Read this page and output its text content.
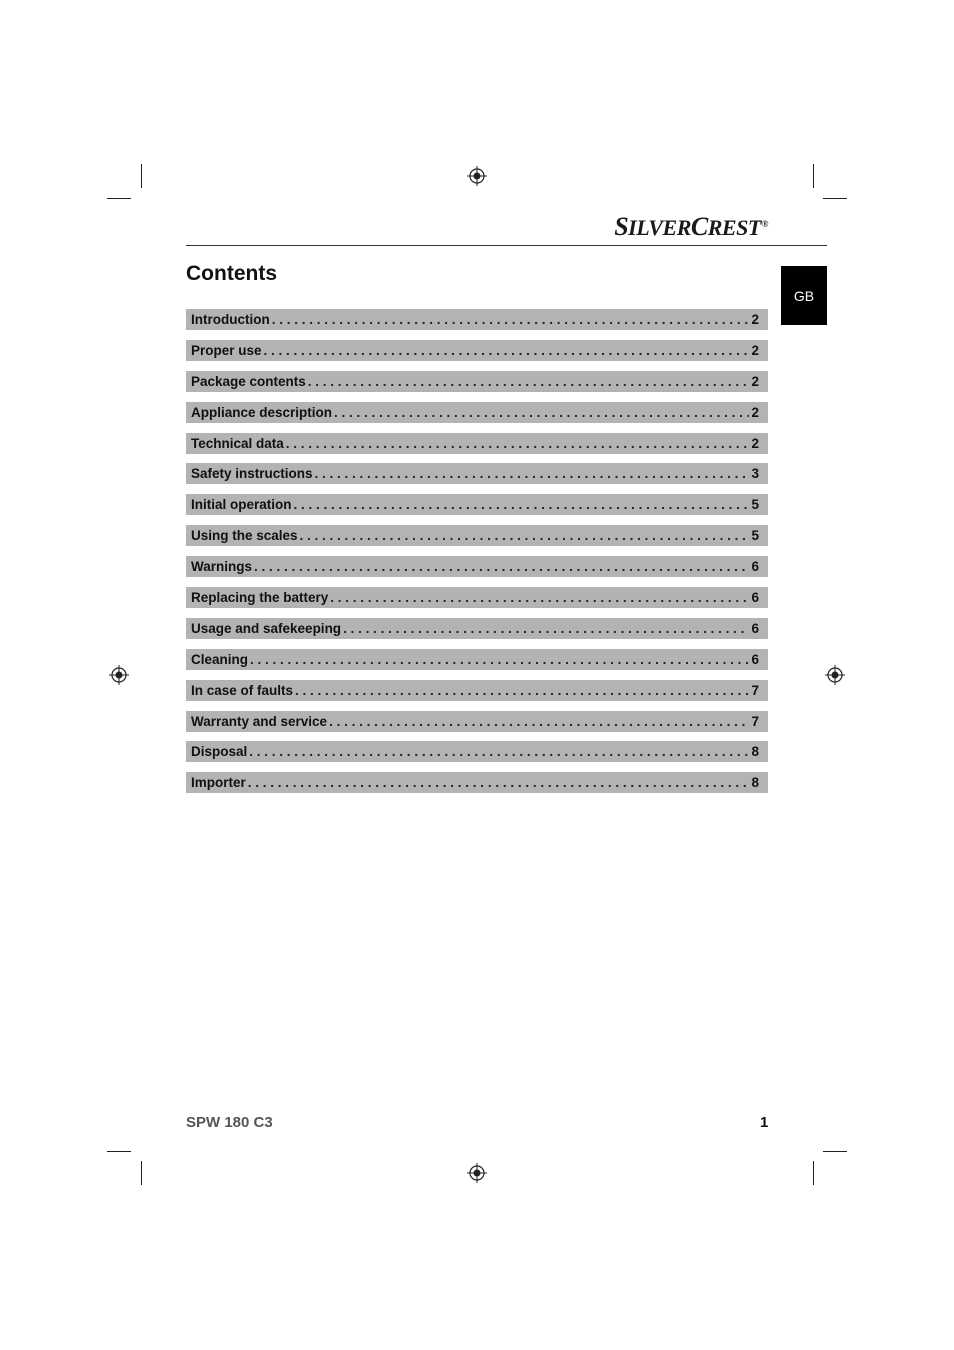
SILVERCREST®
GB
Contents
Introduction . . .	2
Proper use . . .	2
Package contents . . .	2
Appliance description . . .	2
Technical data . . .	2
Safety instructions . . .	3
Initial operation . . .	5
Using the scales . . .	5
Warnings . . .	6
Replacing the battery . . .	6
Usage and safekeeping . . .	6
Cleaning . . .	6
In case of faults . . .	7
Warranty and service . . .	7
Disposal . . .	8
Importer . . .	8
SPW 180 C3	1
